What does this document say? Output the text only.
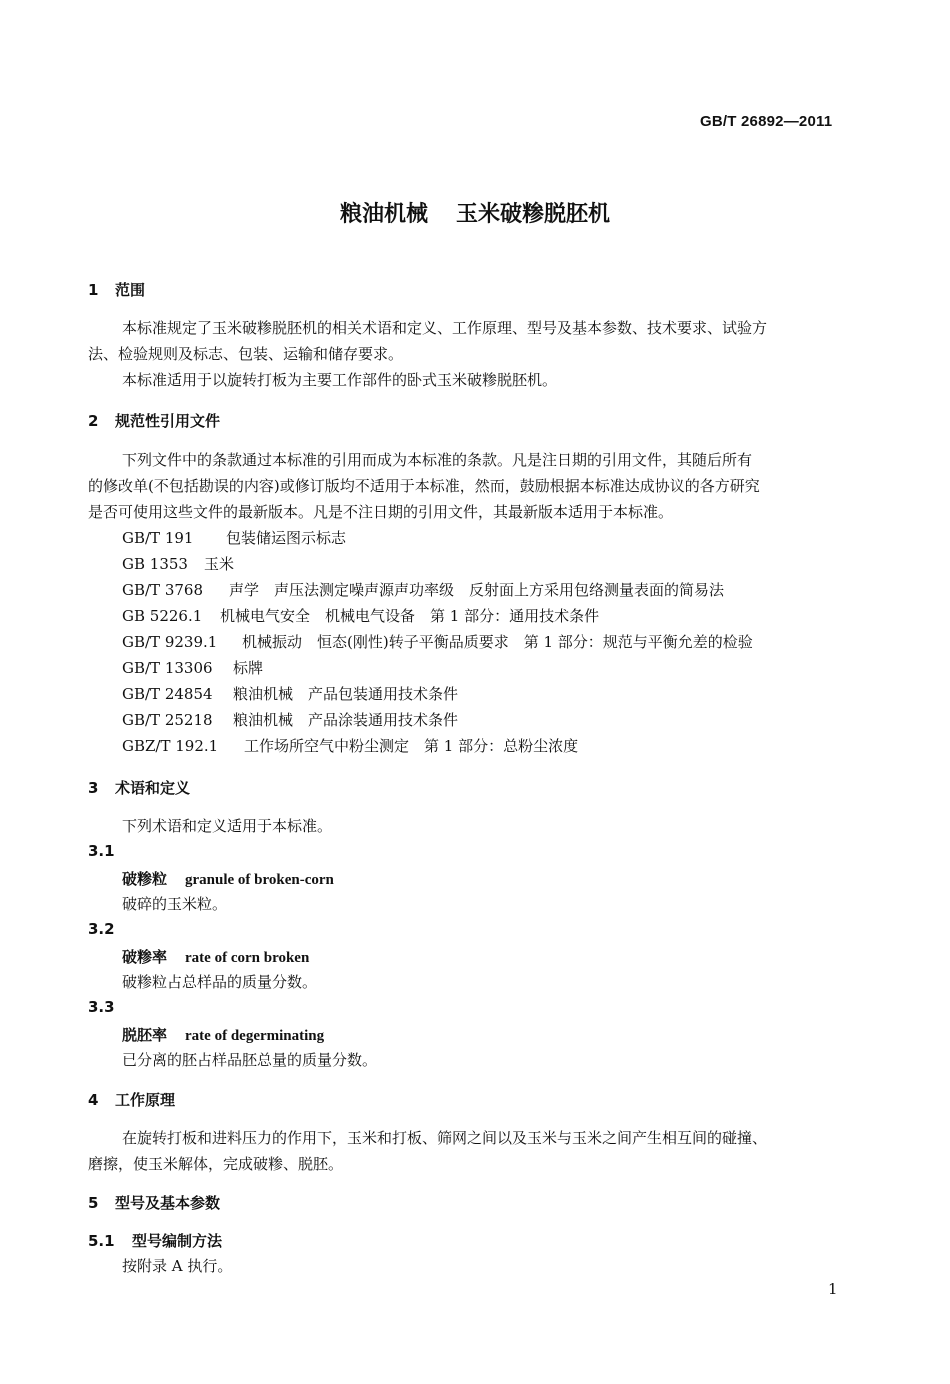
GB/T 26892—2011
粮油机械 玉米破糁脱胚机
1 范围
本标准规定了玉米破糁脱胚机的相关术语和定义、工作原理、型号及基本参数、技术要求、试验方
法、检验规则及标志、包装、运输和储存要求。
本标准适用于以旋转打板为主要工作部件的卧式玉米破糁脱胚机。
2 规范性引用文件
下列文件中的条款通过本标准的引用而成为本标准的条款。凡是注日期的引用文件，其随后所有
的修改单(不包括勘误的内容)或修订版均不适用于本标准，然而，鼓励根据本标准达成协议的各方研究
是否可使用这些文件的最新版本。凡是不注日期的引用文件，其最新版本适用于本标准。
GB/T 191 包装储运图示标志
GB 1353 玉米
GB/T 3768 声学　声压法测定噪声源声功率级　反射面上方采用包络测量表面的简易法
GB 5226.1 机械电气安全　机械电气设备　第 1 部分：通用技术条件
GB/T 9239.1 机械振动　恒态(刚性)转子平衡品质要求　第 1 部分：规范与平衡允差的检验
GB/T 13306 标牌
GB/T 24854 粮油机械　产品包装通用技术条件
GB/T 25218 粮油机械　产品涂装通用技术条件
GBZ/T 192.1 工作场所空气中粉尘测定　第 1 部分：总粉尘浓度
3 术语和定义
下列术语和定义适用于本标准。
3.1
破糁粒 granule of broken-corn
破碎的玉米粒。
3.2
破糁率 rate of corn broken
破糁粒占总样品的质量分数。
3.3
脱胚率 rate of degerminating
已分离的胚占样品胚总量的质量分数。
4 工作原理
在旋转打板和进料压力的作用下，玉米和打板、筛网之间以及玉米与玉米之间产生相互间的碰撞、
磨擦，使玉米解体，完成破糁、脱胚。
5 型号及基本参数
5.1 型号编制方法
按附录 A 执行。
1
